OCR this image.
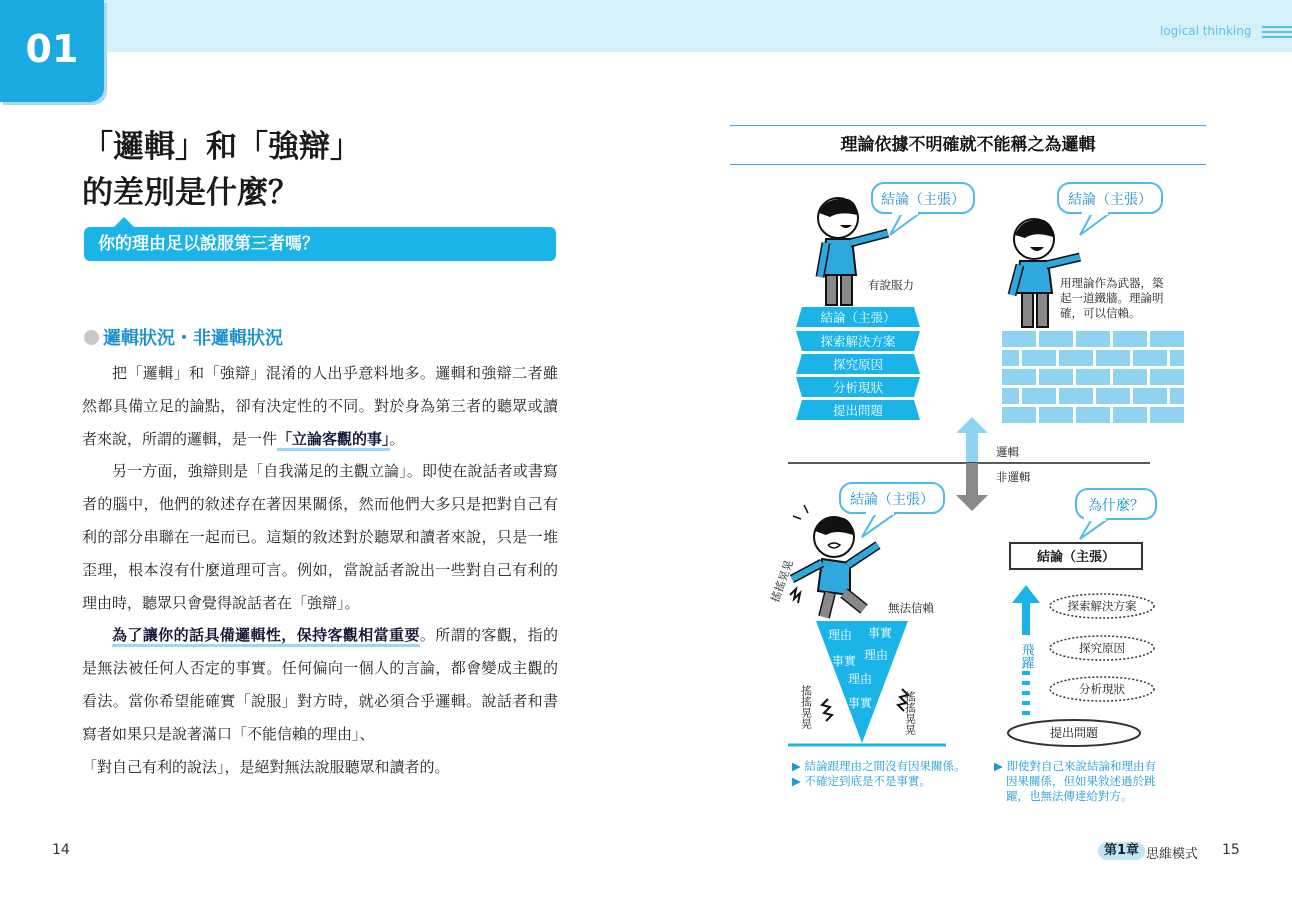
01	logical thinking
「邏輯」和「強辯」
的差別是什麼？
你的理由足以說服第三者嗎？
邏輯狀況・非邏輯狀況

把「邏輯」和「強辯」混淆的人出乎意料地多。邏輯和強辯二者雖然都具備立足的論點，卻有決定性的不同。對於身為第三者的聽眾或讀者來說，所謂的邏輯，是一件「立論客觀的事」。

另一方面，強辯則是「自我滿足的主觀立論」。即使在說話者或書寫者的腦中，他們的敘述存在著因果關係，然而他們大多只是把對自己有利的部分串聯在一起而已。這類的敘述對於聽眾和讀者來說，只是一堆歪理，根本沒有什麼道理可言。例如，當說話者說出一些對自己有利的理由時，聽眾只會覺得說話者在「強辯」。

為了讓你的話具備邏輯性，保持客觀相當重要。所謂的客觀，指的是無法被任何人否定的事實。任何偏向一個人的言論，都會變成主觀的看法。當你希望能確實「說服」對方時，就必須合乎邏輯。說話者和書寫者如果只是說著滿口「不能信賴的理由」、

「對自己有利的說法」，是絕對無法說服聽眾和讀者的。

理論依據不明確就不能稱之為邏輯
結論（主張）
有說服力
結論（主張）
探索解決方案
探究原因
分析現狀
提出問題
結論（主張）
用理論作為武器，築
起一道鐵牆。理論明
確，可以信賴。
邏輯
非邏輯
結論（主張）
無法信賴
理由 事實
事實 理由
理由
事實
搖搖晃晃
搖搖晃晃	搖搖晃晃
為什麼？
結論（主張）
飛躍
探索解決方案
探究原因
分析現狀
提出問題
▶ 結論跟理由之間沒有因果關係。
▶ 不確定到底是不是事實。
▶ 即使對自己來說結論和理由有
因果關係，但如果敘述過於跳
躍，也無法傳達給對方。
14	第1章 思維模式 15
